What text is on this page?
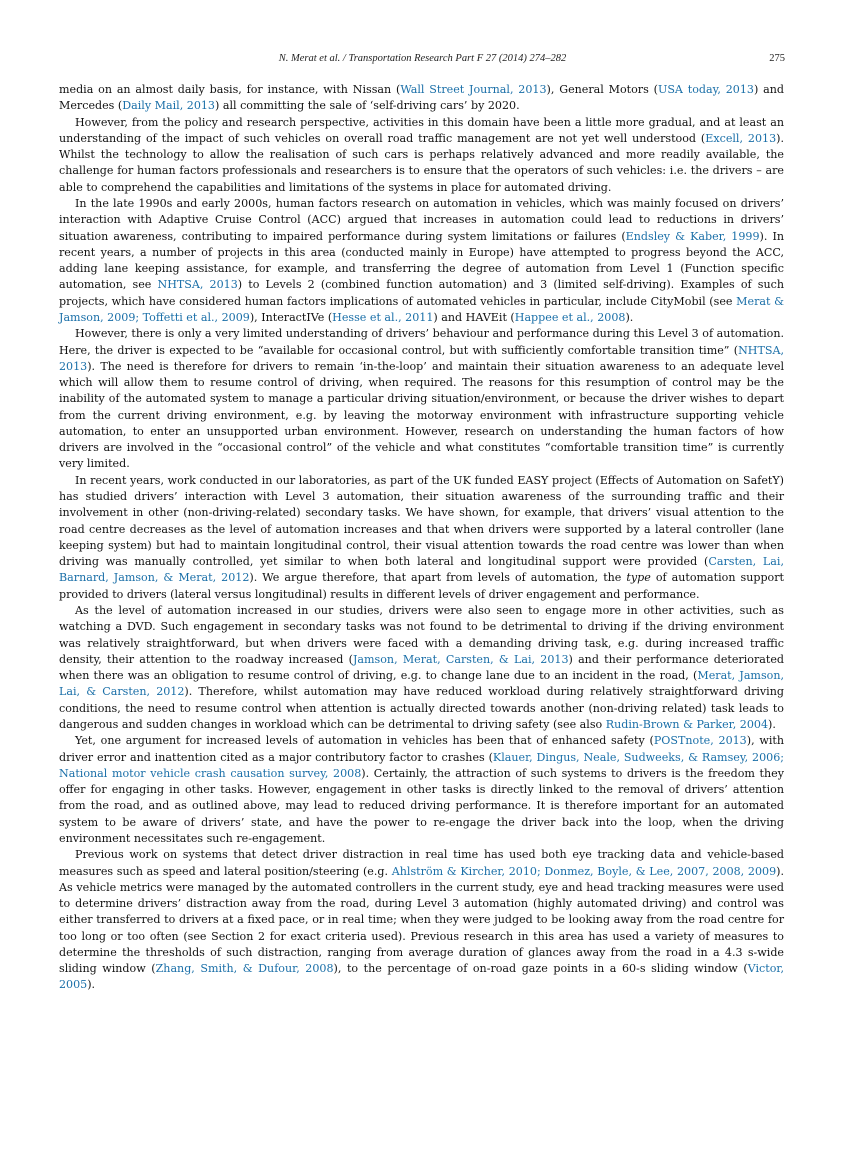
N. Merat et al. / Transportation Research Part F 27 (2014) 274–282	275

media on an almost daily basis, for instance, with Nissan (Wall Street Journal, 2013), General Motors (USA today, 2013) and Mercedes (Daily Mail, 2013) all committing the sale of ‘self-driving cars’ by 2020.

However, from the policy and research perspective, activities in this domain have been a little more gradual, and at least an understanding of the impact of such vehicles on overall road traffic management are not yet well understood (Excell, 2013). Whilst the technology to allow the realisation of such cars is perhaps relatively advanced and more readily available, the challenge for human factors professionals and researchers is to ensure that the operators of such vehicles: i.e. the drivers – are able to comprehend the capabilities and limitations of the systems in place for automated driving.

In the late 1990s and early 2000s, human factors research on automation in vehicles, which was mainly focused on drivers’ interaction with Adaptive Cruise Control (ACC) argued that increases in automation could lead to reductions in drivers’ situation awareness, contributing to impaired performance during system limitations or failures (Endsley & Kaber, 1999). In recent years, a number of projects in this area (conducted mainly in Europe) have attempted to progress beyond the ACC, adding lane keeping assistance, for example, and transferring the degree of automation from Level 1 (Function specific automation, see NHTSA, 2013) to Levels 2 (combined function automation) and 3 (limited self-driving). Examples of such projects, which have considered human factors implications of automated vehicles in particular, include CityMobil (see Merat & Jamson, 2009; Toffetti et al., 2009), InteractIVe (Hesse et al., 2011) and HAVEit (Happee et al., 2008).

However, there is only a very limited understanding of drivers’ behaviour and performance during this Level 3 of automation. Here, the driver is expected to be “available for occasional control, but with sufficiently comfortable transition time” (NHTSA, 2013). The need is therefore for drivers to remain ‘in-the-loop’ and maintain their situation awareness to an adequate level which will allow them to resume control of driving, when required. The reasons for this resumption of control may be the inability of the automated system to manage a particular driving situation/environment, or because the driver wishes to depart from the current driving environment, e.g. by leaving the motorway environment with infrastructure supporting vehicle automation, to enter an unsupported urban environment. However, research on understanding the human factors of how drivers are involved in the “occasional control” of the vehicle and what constitutes “comfortable transition time” is currently very limited.

In recent years, work conducted in our laboratories, as part of the UK funded EASY project (Effects of Automation on SafetY) has studied drivers’ interaction with Level 3 automation, their situation awareness of the surrounding traffic and their involvement in other (non-driving-related) secondary tasks. We have shown, for example, that drivers’ visual attention to the road centre decreases as the level of automation increases and that when drivers were supported by a lateral controller (lane keeping system) but had to maintain longitudinal control, their visual attention towards the road centre was lower than when driving was manually controlled, yet similar to when both lateral and longitudinal support were provided (Carsten, Lai, Barnard, Jamson, & Merat, 2012). We argue therefore, that apart from levels of automation, the type of automation support provided to drivers (lateral versus longitudinal) results in different levels of driver engagement and performance.

As the level of automation increased in our studies, drivers were also seen to engage more in other activities, such as watching a DVD. Such engagement in secondary tasks was not found to be detrimental to driving if the driving environment was relatively straightforward, but when drivers were faced with a demanding driving task, e.g. during increased traffic density, their attention to the roadway increased (Jamson, Merat, Carsten, & Lai, 2013) and their performance deteriorated when there was an obligation to resume control of driving, e.g. to change lane due to an incident in the road, (Merat, Jamson, Lai, & Carsten, 2012). Therefore, whilst automation may have reduced workload during relatively straightforward driving conditions, the need to resume control when attention is actually directed towards another (non-driving related) task leads to dangerous and sudden changes in workload which can be detrimental to driving safety (see also Rudin-Brown & Parker, 2004).

Yet, one argument for increased levels of automation in vehicles has been that of enhanced safety (POSTnote, 2013), with driver error and inattention cited as a major contributory factor to crashes (Klauer, Dingus, Neale, Sudweeks, & Ramsey, 2006; National motor vehicle crash causation survey, 2008). Certainly, the attraction of such systems to drivers is the freedom they offer for engaging in other tasks. However, engagement in other tasks is directly linked to the removal of drivers’ attention from the road, and as outlined above, may lead to reduced driving performance. It is therefore important for an automated system to be aware of drivers’ state, and have the power to re-engage the driver back into the loop, when the driving environment necessitates such re-engagement.

Previous work on systems that detect driver distraction in real time has used both eye tracking data and vehicle-based measures such as speed and lateral position/steering (e.g. Ahlström & Kircher, 2010; Donmez, Boyle, & Lee, 2007, 2008, 2009). As vehicle metrics were managed by the automated controllers in the current study, eye and head tracking measures were used to determine drivers’ distraction away from the road, during Level 3 automation (highly automated driving) and control was either transferred to drivers at a fixed pace, or in real time; when they were judged to be looking away from the road centre for too long or too often (see Section 2 for exact criteria used). Previous research in this area has used a variety of measures to determine the thresholds of such distraction, ranging from average duration of glances away from the road in a 4.3 s-wide sliding window (Zhang, Smith, & Dufour, 2008), to the percentage of on-road gaze points in a 60-s sliding window (Victor, 2005).
